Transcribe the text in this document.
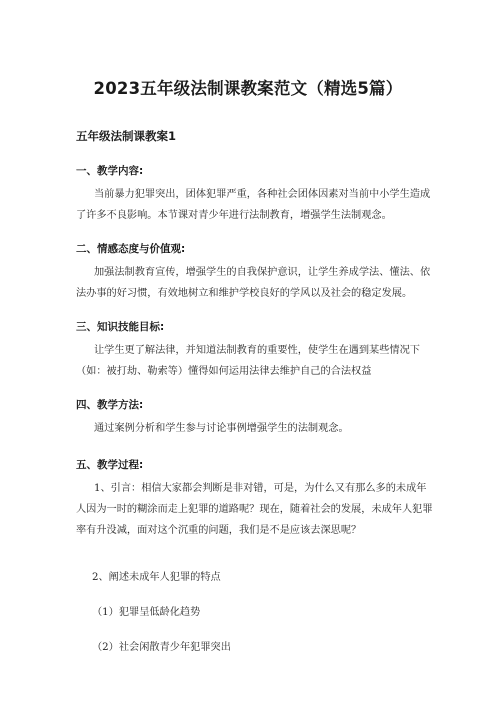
2023五年级法制课教案范文（精选5篇）
五年级法制课教案1
一、教学内容:
当前暴力犯罪突出，团体犯罪严重，各种社会团体因素对当前中小学生造成了许多不良影响。本节课对青少年进行法制教育，增强学生法制观念。
二、情感态度与价值观:
加强法制教育宣传，增强学生的自我保护意识，让学生养成学法、懂法、依法办事的好习惯，有效地树立和维护学校良好的学风以及社会的稳定发展。
三、知识技能目标:
让学生更了解法律，并知道法制教育的重要性，使学生在遇到某些情况下（如：被打劫、勒索等）懂得如何运用法律去维护自己的合法权益
四、教学方法:
通过案例分析和学生参与讨论事例增强学生的法制观念。
五、教学过程:
1、引言：相信大家都会判断是非对错，可是，为什么又有那么多的未成年人因为一时的糊涂而走上犯罪的道路呢？现在，随着社会的发展，未成年人犯罪率有升没减，面对这个沉重的问题，我们是不是应该去深思呢？
2、阐述未成年人犯罪的特点
（1）犯罪呈低龄化趋势
（2）社会闲散青少年犯罪突出
